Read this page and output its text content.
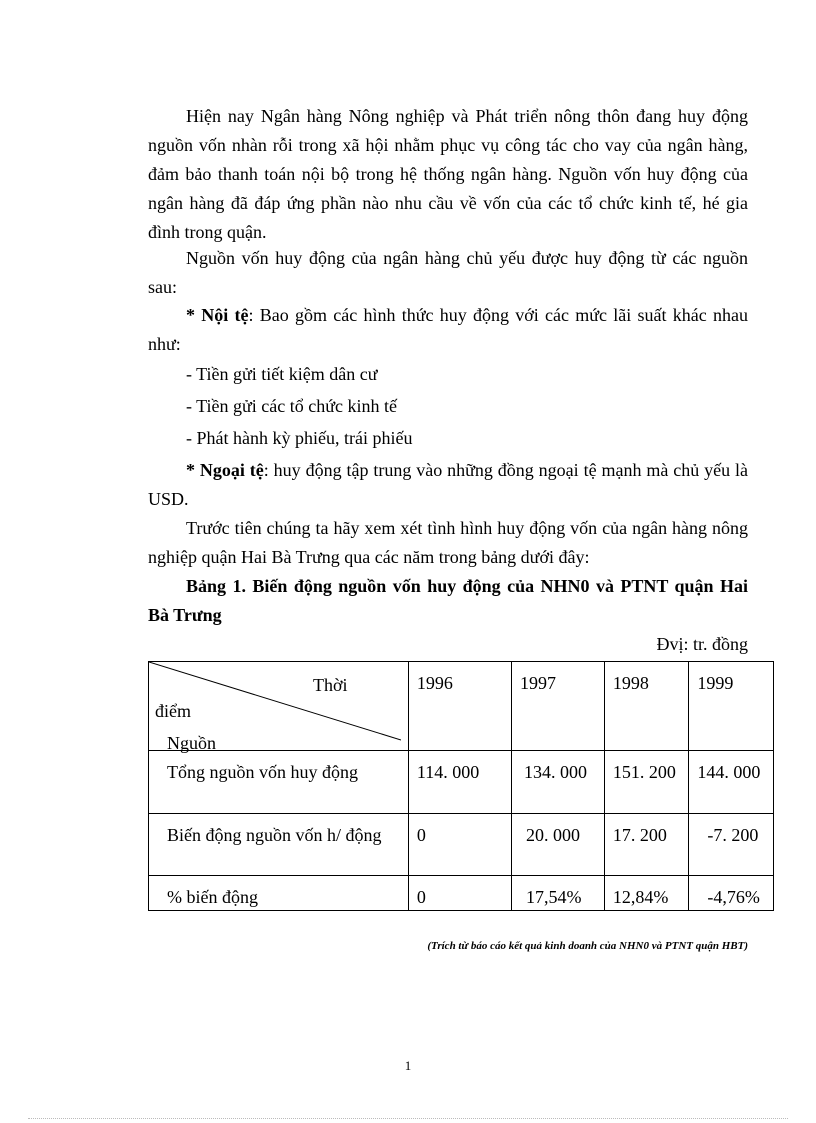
Hiện nay Ngân hàng Nông nghiệp và Phát triển nông thôn đang huy động nguồn vốn nhàn rỗi trong xã hội nhằm phục vụ công tác cho vay của ngân hàng, đảm bảo thanh toán nội bộ trong hệ thống ngân hàng. Nguồn vốn huy động của ngân hàng đã đáp ứng phần nào nhu cầu về vốn của các tổ chức kinh tế, hé gia đình trong quận.

Nguồn vốn huy động của ngân hàng chủ yếu được huy động từ các nguồn sau:

* Nội tệ: Bao gồm các hình thức huy động với các mức lãi suất khác nhau như:

- Tiền gửi tiết kiệm dân cư

- Tiền gửi các tổ chức kinh tế

- Phát hành kỳ phiếu, trái phiếu

* Ngoại tệ: huy động tập trung vào những đồng ngoại tệ mạnh mà chủ yếu là USD.

Trước tiên chúng ta hãy xem xét tình hình huy động vốn của ngân hàng nông nghiệp quận Hai Bà Trưng qua các năm trong bảng dưới đây:

Bảng 1. Biến động nguồn vốn huy động của NHN0 và PTNT quận Hai Bà Trưng

Đvị: tr. đồng
Thời
điểm
Nguồn	1996	1997	1998	1999
Tổng nguồn vốn huy động	114. 000	134. 000	151. 200	144. 000
Biến động nguồn vốn h/ động	0	20. 000	17. 200	-7. 200
% biến động	0	17,54%	12,84%	-4,76%
(Trích từ báo cáo kết quả kinh doanh của NHN0 và PTNT quận HBT)
1
